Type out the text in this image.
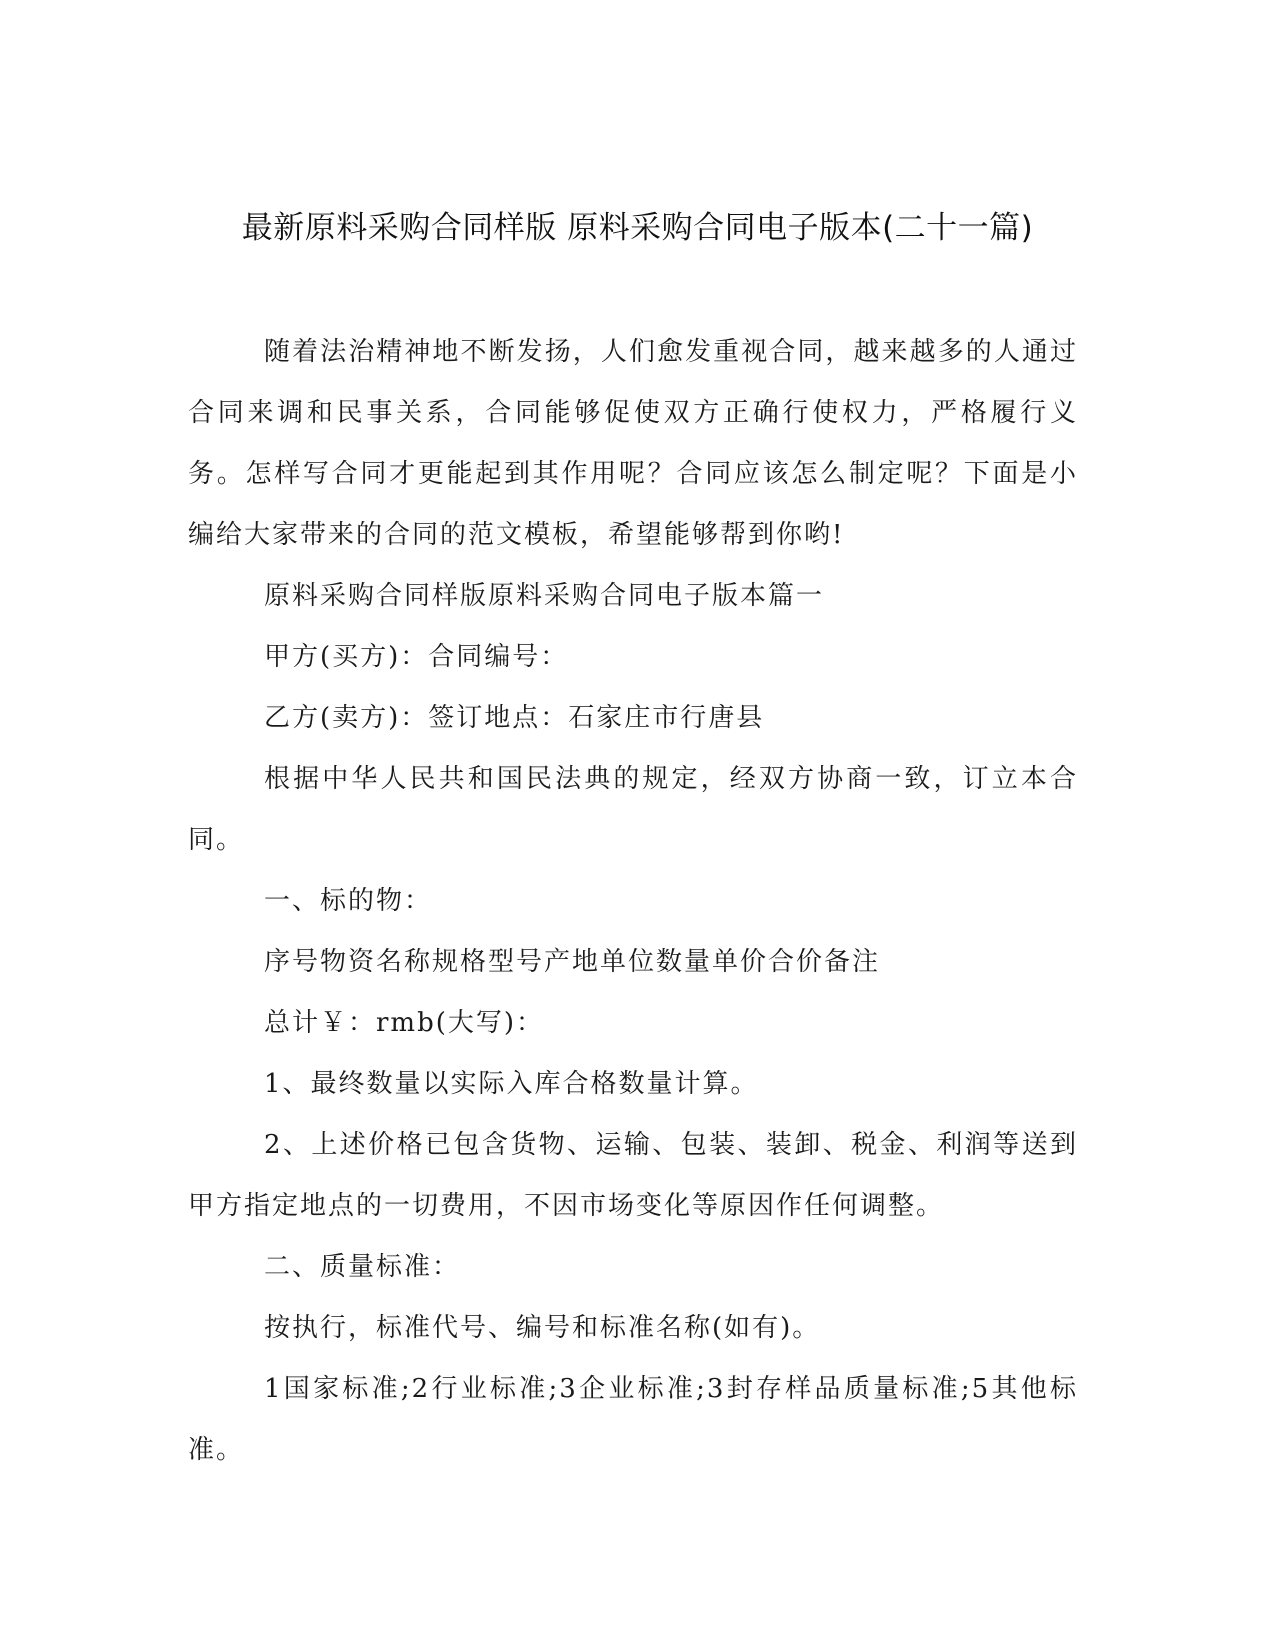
最新原料采购合同样版 原料采购合同电子版本(二十一篇)

随着法治精神地不断发扬，人们愈发重视合同，越来越多的人通过合同来调和民事关系，合同能够促使双方正确行使权力，严格履行义务。怎样写合同才更能起到其作用呢？合同应该怎么制定呢？下面是小编给大家带来的合同的范文模板，希望能够帮到你哟!

原料采购合同样版原料采购合同电子版本篇一

甲方(买方)：合同编号：

乙方(卖方)：签订地点：石家庄市行唐县

根据中华人民共和国民法典的规定，经双方协商一致，订立本合同。

一、标的物：

序号物资名称规格型号产地单位数量单价合价备注

总计￥：rmb(大写)：

1、最终数量以实际入库合格数量计算。

2、上述价格已包含货物、运输、包装、装卸、税金、利润等送到甲方指定地点的一切费用，不因市场变化等原因作任何调整。

二、质量标准：

按执行，标准代号、编号和标准名称(如有)。

1国家标准;2行业标准;3企业标准;3封存样品质量标准;5其他标准。
